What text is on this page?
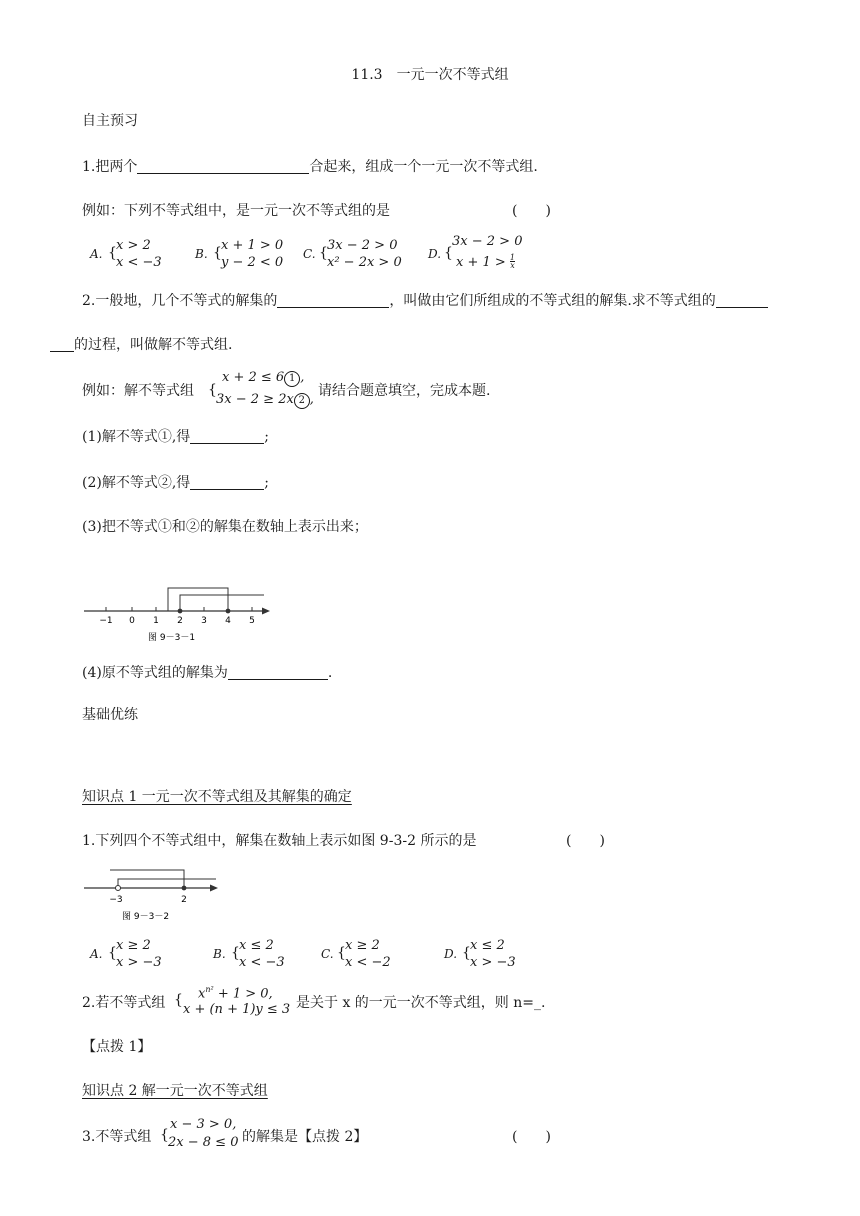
11.3　一元一次不等式组
自主预习
1.把两个	合起来，组成一个一元一次不等式组.
例如：下列不等式组中，是一元一次不等式组的是	(　　)
A. { x > 2
x < −3
B. { x + 1 > 0
y − 2 < 0
C. { 3x − 2 > 0
x² − 2x > 0
D. {
3x − 2 > 0
$x + 1 > \frac{1}{x}$
2.一般地，几个不等式的解集的	，叫做由它们所组成的不等式组的解集.求不等式组的
的过程，叫做解不等式组.
例如：解不等式组 {
x + 2 ≤ 6 1 ,
3x − 2 ≥ 2x 2 ,
请结合题意填空，完成本题.
(1)解不等式①,得	;
(2)解不等式②,得	;
(3)把不等式①和②的解集在数轴上表示出来；
−1 0 1 2 3 4 5
图 9－3－1
(4)原不等式组的解集为	.
基础优练
知识点 1 一元一次不等式组及其解集的确定
1.下列四个不等式组中，解集在数轴上表示如图 9-3-2 所示的是	(　　)
−3	2
图 9－3－2
A. { x ≥ 2
x > −3
B. { x ≤ 2
x < −3
C. { x ≥ 2
x < −2
D. { x ≤ 2
x > −3
2.若不等式组 { $x^{n^2} + 1 > 0$,
x + (n + 1)y ≤ 3 是关于 x 的一元一次不等式组，则 n=_.
【点拨 1】
知识点 2 解一元一次不等式组
3.不等式组 {
x − 3 > 0,
2x − 8 ≤ 0 的解集是【点拨 2】	(　　)
